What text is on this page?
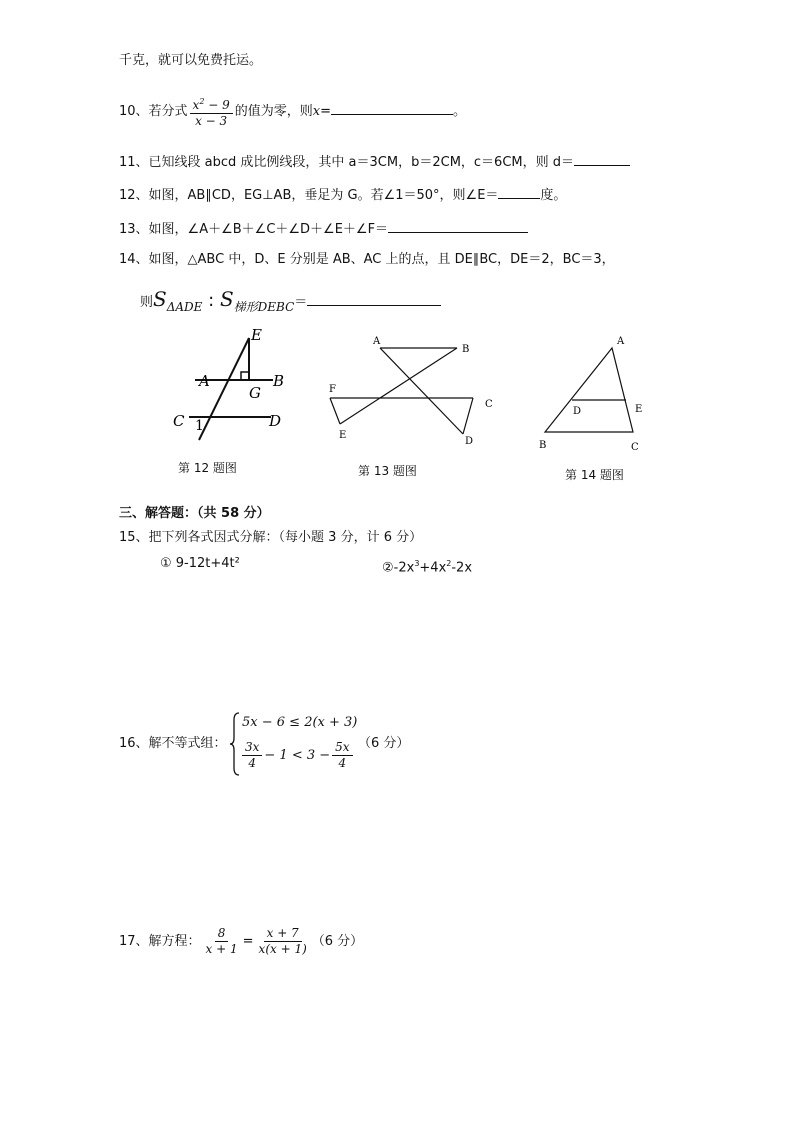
千克，就可以免费托运。
10、若分式 $\frac{x^2 - 9}{x - 3}$ 的值为零，则x=	。
11、已知线段 abcd 成比例线段，其中 a＝3CM，b＝2CM，c＝6CM，则 d＝
12、如图，AB∥CD，EG⊥AB，垂足为 G。若∠1＝50°，则∠E＝	度。
13、如图，∠A＋∠B＋∠C＋∠D＋∠E＋∠F＝
14、如图，△ABC 中，D、E 分别是 AB、AC 上的点，且 DE∥BC，DE＝2，BC＝3，
则SΔADE : S梯形DEBC＝
E
A
G
B
C	D
1
第 12 题图
A
B
F
C
E
D
第 13 题图
A
D	E
B	C
第 14 题图
三、解答题：（共 58 分）
15、把下列各式因式分解：（每小题 3 分，计 6 分）
① 9-12t+4t²	$②-2x^3+4x^2-2x$
16、解不等式组：
5x − 6 ≤ 2(x + 3)
$\frac{3x}{4} - 1 < 3 - \frac{5x}{4} (6$ 分）
17、解方程： $\frac{8}{x + 1} = \frac{x + 7}{x(x + 1)} (6$ 分）
